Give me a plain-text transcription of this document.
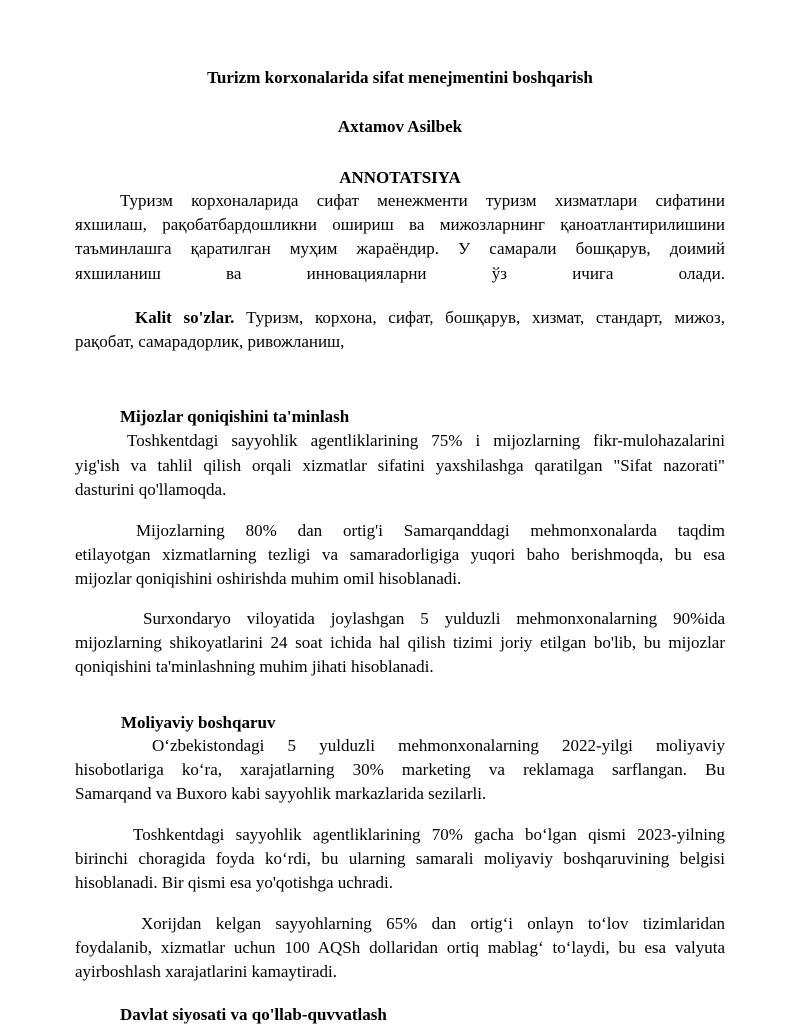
Turizm korxonalarida sifat menejmentini boshqarish
Axtamov Asilbek
ANNOTATSIYA
Туризм корхоналарида сифат менежменти туризм хизматлари сифатини
яхшилаш, рақобатбардошликни ошириш ва мижозларнинг қаноатлантирилишини
таъминлашга қаратилган муҳим жараёндир. У самарали бошқарув, доимий
яхшиланиш ва инновацияларни ўз ичига олади.
Kalit so'zlar. Туризм, корхона, сифат, бошқарув, хизмат, стандарт, мижоз,
рақобат, самарадорлик, ривожланиш,
Mijozlar qoniqishini ta'minlash
Toshkentdagi sayyohlik agentliklarining 75% i mijozlarning fikr-mulohazalarini
yig'ish va tahlil qilish orqali xizmatlar sifatini yaxshilashga qaratilgan "Sifat nazorati"
dasturini qo'llamoqda.
Mijozlarning 80% dan ortig'i Samarqanddagi mehmonxonalarda taqdim
etilayotgan xizmatlarning tezligi va samaradorligiga yuqori baho berishmoqda, bu esa
mijozlar qoniqishini oshirishda muhim omil hisoblanadi.
Surxondaryo viloyatida joylashgan 5 yulduzli mehmonxonalarning 90%ida
mijozlarning shikoyatlarini 24 soat ichida hal qilish tizimi joriy etilgan bo'lib, bu mijozlar
qoniqishini ta'minlashning muhim jihati hisoblanadi.
Moliyaviy boshqaruv
O‘zbekistondagi 5 yulduzli mehmonxonalarning 2022-yilgi moliyaviy
hisobotlariga ko‘ra, xarajatlarning 30% marketing va reklamaga sarflangan. Bu
Samarqand va Buxoro kabi sayyohlik markazlarida sezilarli.
Toshkentdagi sayyohlik agentliklarining 70% gacha bo‘lgan qismi 2023-yilning
birinchi choragida foyda ko‘rdi, bu ularning samarali moliyaviy boshqaruvining belgisi
hisoblanadi. Bir qismi esa yo'qotishga uchradi.
Xorijdan kelgan sayyohlarning 65% dan ortig‘i onlayn to‘lov tizimlaridan
foydalanib, xizmatlar uchun 100 AQSh dollaridan ortiq mablag‘ to‘laydi, bu esa valyuta
ayirboshlash xarajatlarini kamaytiradi.
Davlat siyosati va qo'llab-quvvatlash
